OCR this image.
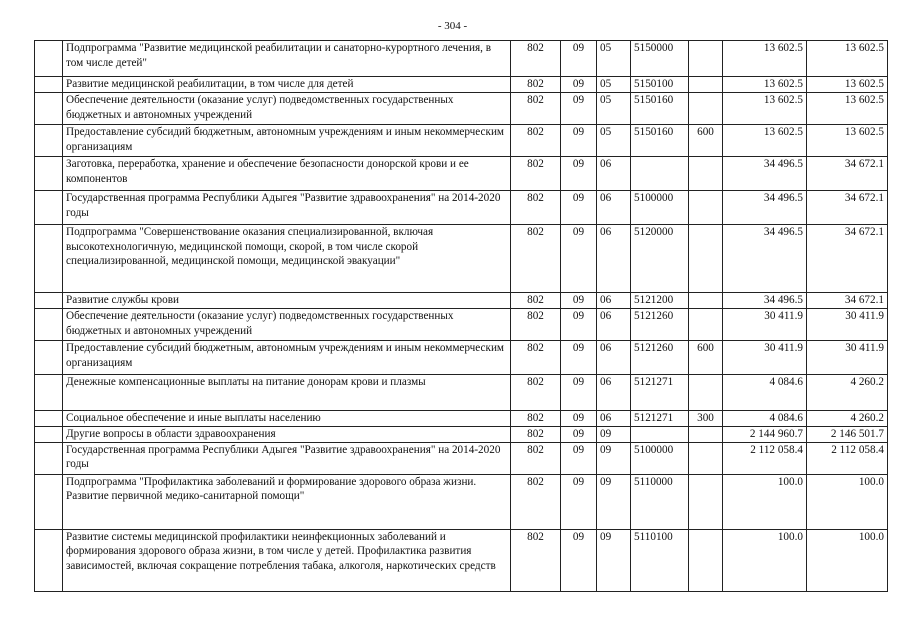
- 304 -
	Подпрограмма "Развитие медицинской реабилитации и санаторно-курортного лечения, в том числе детей"	802	09	05	5150000		13 602.5	13 602.5
	Развитие медицинской реабилитации, в том числе для детей	802	09	05	5150100		13 602.5	13 602.5
	Обеспечение деятельности (оказание услуг) подведомственных государственных бюджетных и автономных учреждений	802	09	05	5150160		13 602.5	13 602.5
	Предоставление субсидий бюджетным, автономным учреждениям и иным некоммерческим организациям	802	09	05	5150160	600	13 602.5	13 602.5
	Заготовка, переработка, хранение и обеспечение безопасности донорской крови и ее компонентов	802	09	06			34 496.5	34 672.1
	Государственная программа Республики Адыгея "Развитие здравоохранения" на 2014-2020 годы	802	09	06	5100000		34 496.5	34 672.1
	Подпрограмма "Совершенствование оказания специализированной, включая высокотехнологичную, медицинской помощи, скорой, в том числе скорой специализированной, медицинской помощи, медицинской эвакуации"	802	09	06	5120000		34 496.5	34 672.1
	Развитие службы крови	802	09	06	5121200		34 496.5	34 672.1
	Обеспечение деятельности (оказание услуг) подведомственных государственных бюджетных и автономных учреждений	802	09	06	5121260		30 411.9	30 411.9
	Предоставление субсидий бюджетным, автономным учреждениям и иным некоммерческим организациям	802	09	06	5121260	600	30 411.9	30 411.9
	Денежные компенсационные выплаты на питание донорам крови и плазмы	802	09	06	5121271		4 084.6	4 260.2
	Социальное обеспечение и иные выплаты населению	802	09	06	5121271	300	4 084.6	4 260.2
	Другие вопросы в области здравоохранения	802	09	09			2 144 960.7	2 146 501.7
	Государственная программа Республики Адыгея "Развитие здравоохранения" на 2014-2020 годы	802	09	09	5100000		2 112 058.4	2 112 058.4
	Подпрограмма "Профилактика заболеваний и формирование здорового образа жизни. Развитие первичной медико-санитарной помощи"	802	09	09	5110000		100.0	100.0
	Развитие системы медицинской профилактики неинфекционных заболеваний и формирования здорового образа жизни, в том числе у детей. Профилактика развития зависимостей, включая сокращение потребления табака, алкоголя, наркотических средств	802	09	09	5110100		100.0	100.0
